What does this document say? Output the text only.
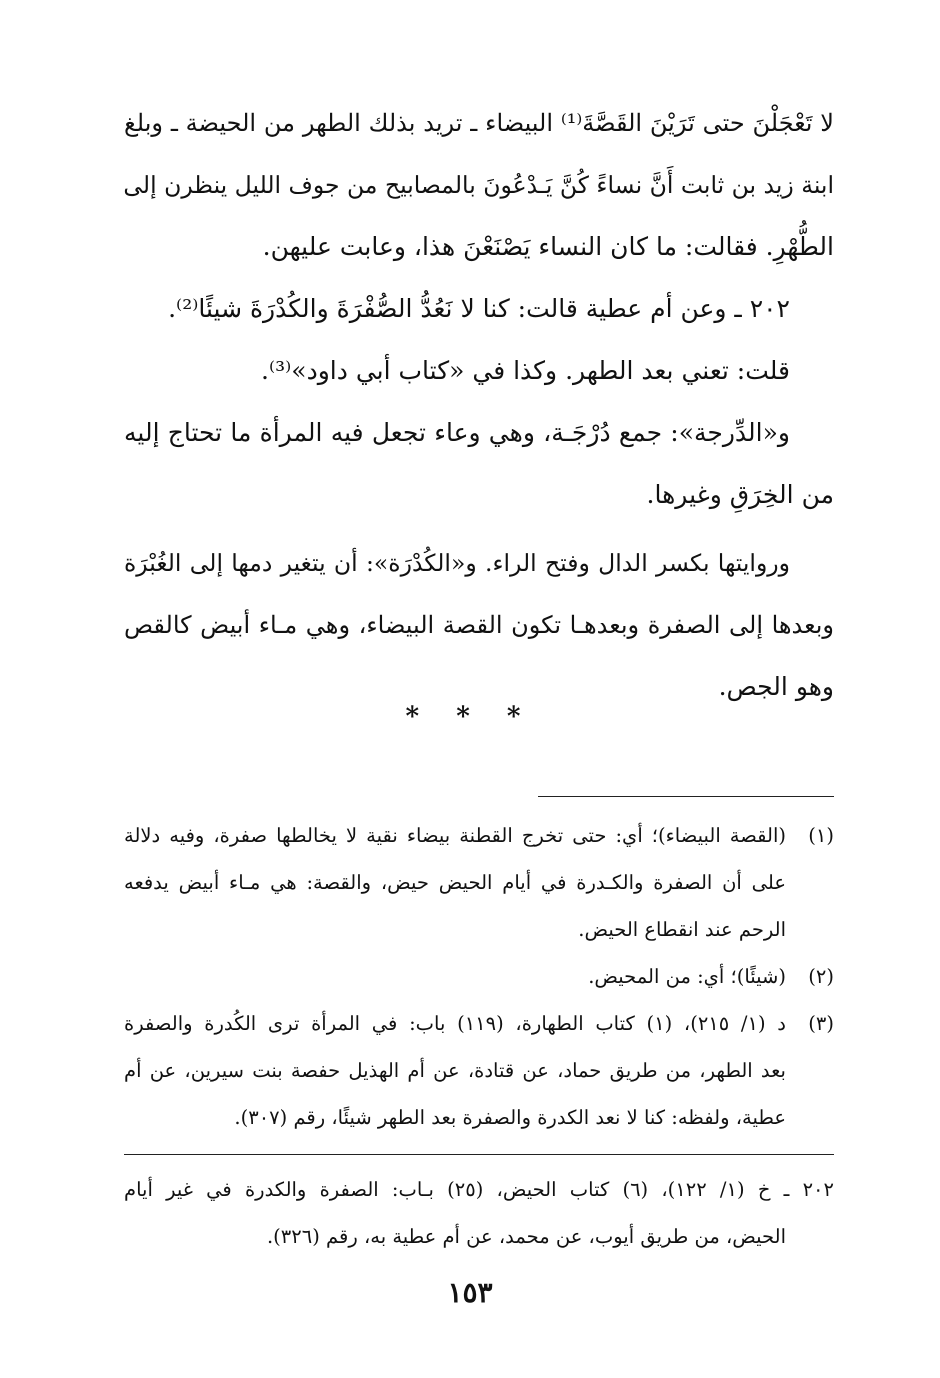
لا تَعْجَلْنَ حتى تَرَيْنَ القَصَّةَ⁽¹⁾ البيضاء ـ تريد بذلك الطهر من الحيضة ـ وبلغ
ابنة زيد بن ثابت أَنَّ نساءً كُنَّ يَـدْعُونَ بالمصابيح من جوف الليل ينظرن إلى
الطُّهْرِ. فقالت: ما كان النساء يَصْنَعْنَ هذا، وعابت عليهن.
٢٠٢ ـ وعن أم عطية قالت: كنا لا نَعُدُّ الصُّفْرَةَ والكُدْرَةَ شيئًا⁽²⁾.
قلت: تعني بعد الطهر. وكذا في «كتاب أبي داود»⁽³⁾.
و«الدِّرجة»: جمع دُرْجَـة، وهي وعاء تجعل فيه المرأة ما تحتاج إليه
من الخِرَقِ وغيرها.
وروايتها بكسر الدال وفتح الراء. و«الكُدْرَة»: أن يتغير دمها إلى الغُبْرَة
وبعدها إلى الصفرة وبعدهـا تكون القصة البيضاء، وهي مـاء أبيض كالقص
وهو الجص.
* * *
(١)
(القصة البيضاء)؛ أي: حتى تخرج القطنة بيضاء نقية لا يخالطها صفرة، وفيه دلالة
على أن الصفرة والكـدرة في أيام الحيض حيض، والقصة: هي مـاء أبيض يدفعه
الرحم عند انقطاع الحيض.
(٢)
(شيئًا)؛ أي: من المحيض.
(٣)
د (١/ ٢١٥)، (١) كتاب الطهارة، (١١٩) باب: في المرأة ترى الكُدرة والصفرة
بعد الطهر، من طريق حماد، عن قتادة، عن أم الهذيل حفصة بنت سيرين، عن أم
عطية، ولفظه: كنا لا نعد الكدرة والصفرة بعد الطهر شيئًا، رقم (٣٠٧).
٢٠٢ ـ خ (١/ ١٢٢)، (٦) كتاب الحيض، (٢٥) بـاب: الصفرة والكدرة في غير أيام
الحيض، من طريق أيوب، عن محمد، عن أم عطية به، رقم (٣٢٦).
١٥٣
